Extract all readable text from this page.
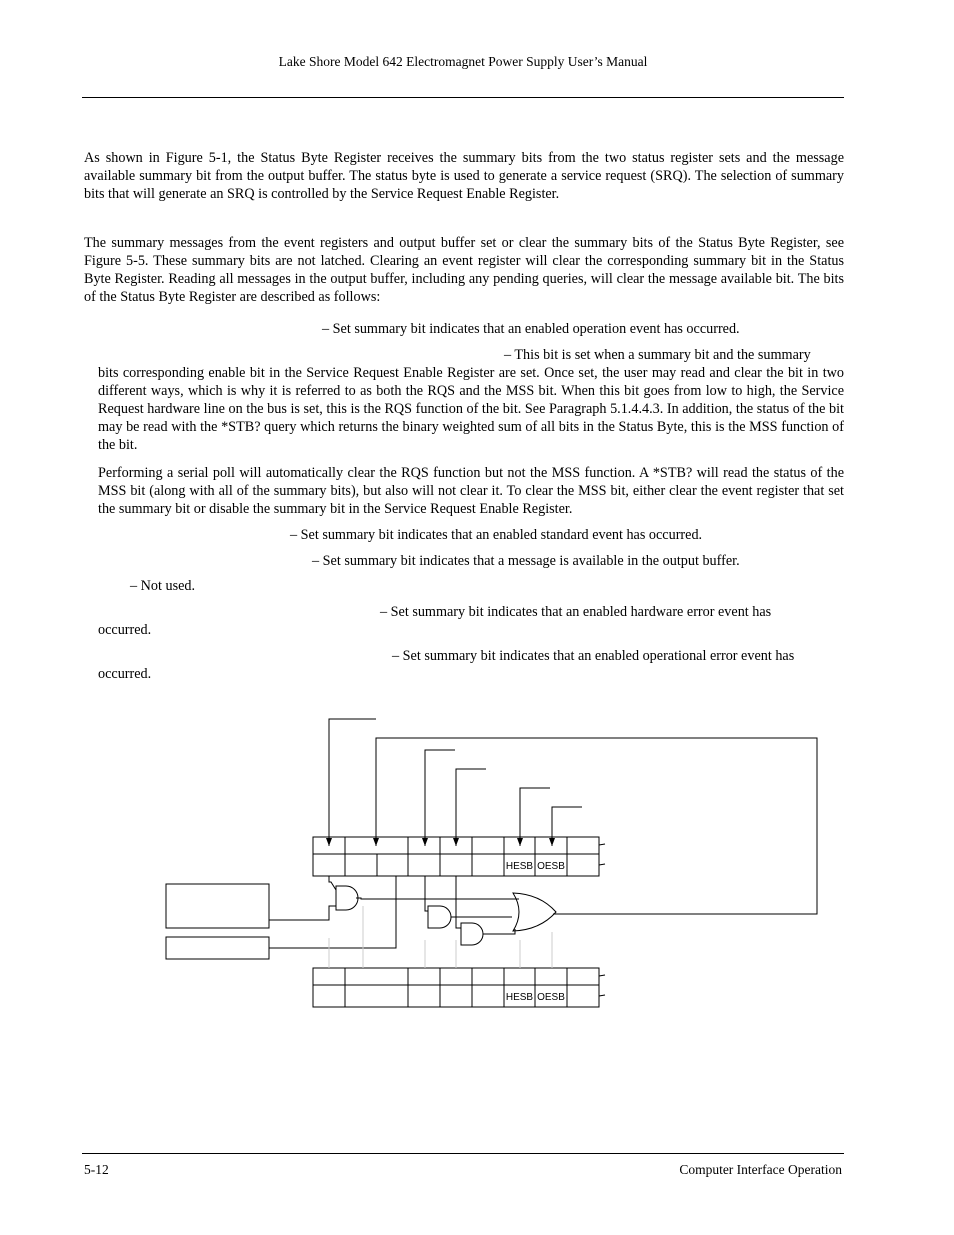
Lake Shore Model 642 Electromagnet Power Supply User’s Manual
As shown in Figure 5-1, the Status Byte Register receives the summary bits from the two status register sets and the message available summary bit from the output buffer. The status byte is used to generate a service request (SRQ). The selection of summary bits that will generate an SRQ is controlled by the Service Request Enable Register.
The summary messages from the event registers and output buffer set or clear the summary bits of the Status Byte Register, see Figure 5-5. These summary bits are not latched. Clearing an event register will clear the corresponding summary bit in the Status Byte Register. Reading all messages in the output buffer, including any pending queries, will clear the message available bit. The bits of the Status Byte Register are described as follows:
– Set summary bit indicates that an enabled operation event has occurred.
– This bit is set when a summary bit and the summary
bits corresponding enable bit in the Service Request Enable Register are set. Once set, the user may read and clear the bit in two different ways, which is why it is referred to as both the RQS and the MSS bit. When this bit goes from low to high, the Service Request hardware line on the bus is set, this is the RQS function of the bit. See Paragraph 5.1.4.4.3. In addition, the status of the bit may be read with the *STB? query which returns the binary weighted sum of all bits in the Status Byte, this is the MSS function of the bit.
Performing a serial poll will automatically clear the RQS function but not the MSS function. A *STB? will read the status of the MSS bit (along with all of the summary bits), but also will not clear it. To clear the MSS bit, either clear the event register that set the summary bit or disable the summary bit in the Service Request Enable Register.
– Set summary bit indicates that an enabled standard event has occurred.
– Set summary bit indicates that a message is available in the output buffer.
– Not used.
– Set summary bit indicates that an enabled hardware error event has
occurred.
– Set summary bit indicates that an enabled operational error event has
occurred.
HESB OESB
HESB OESB
5-12	Computer Interface Operation
